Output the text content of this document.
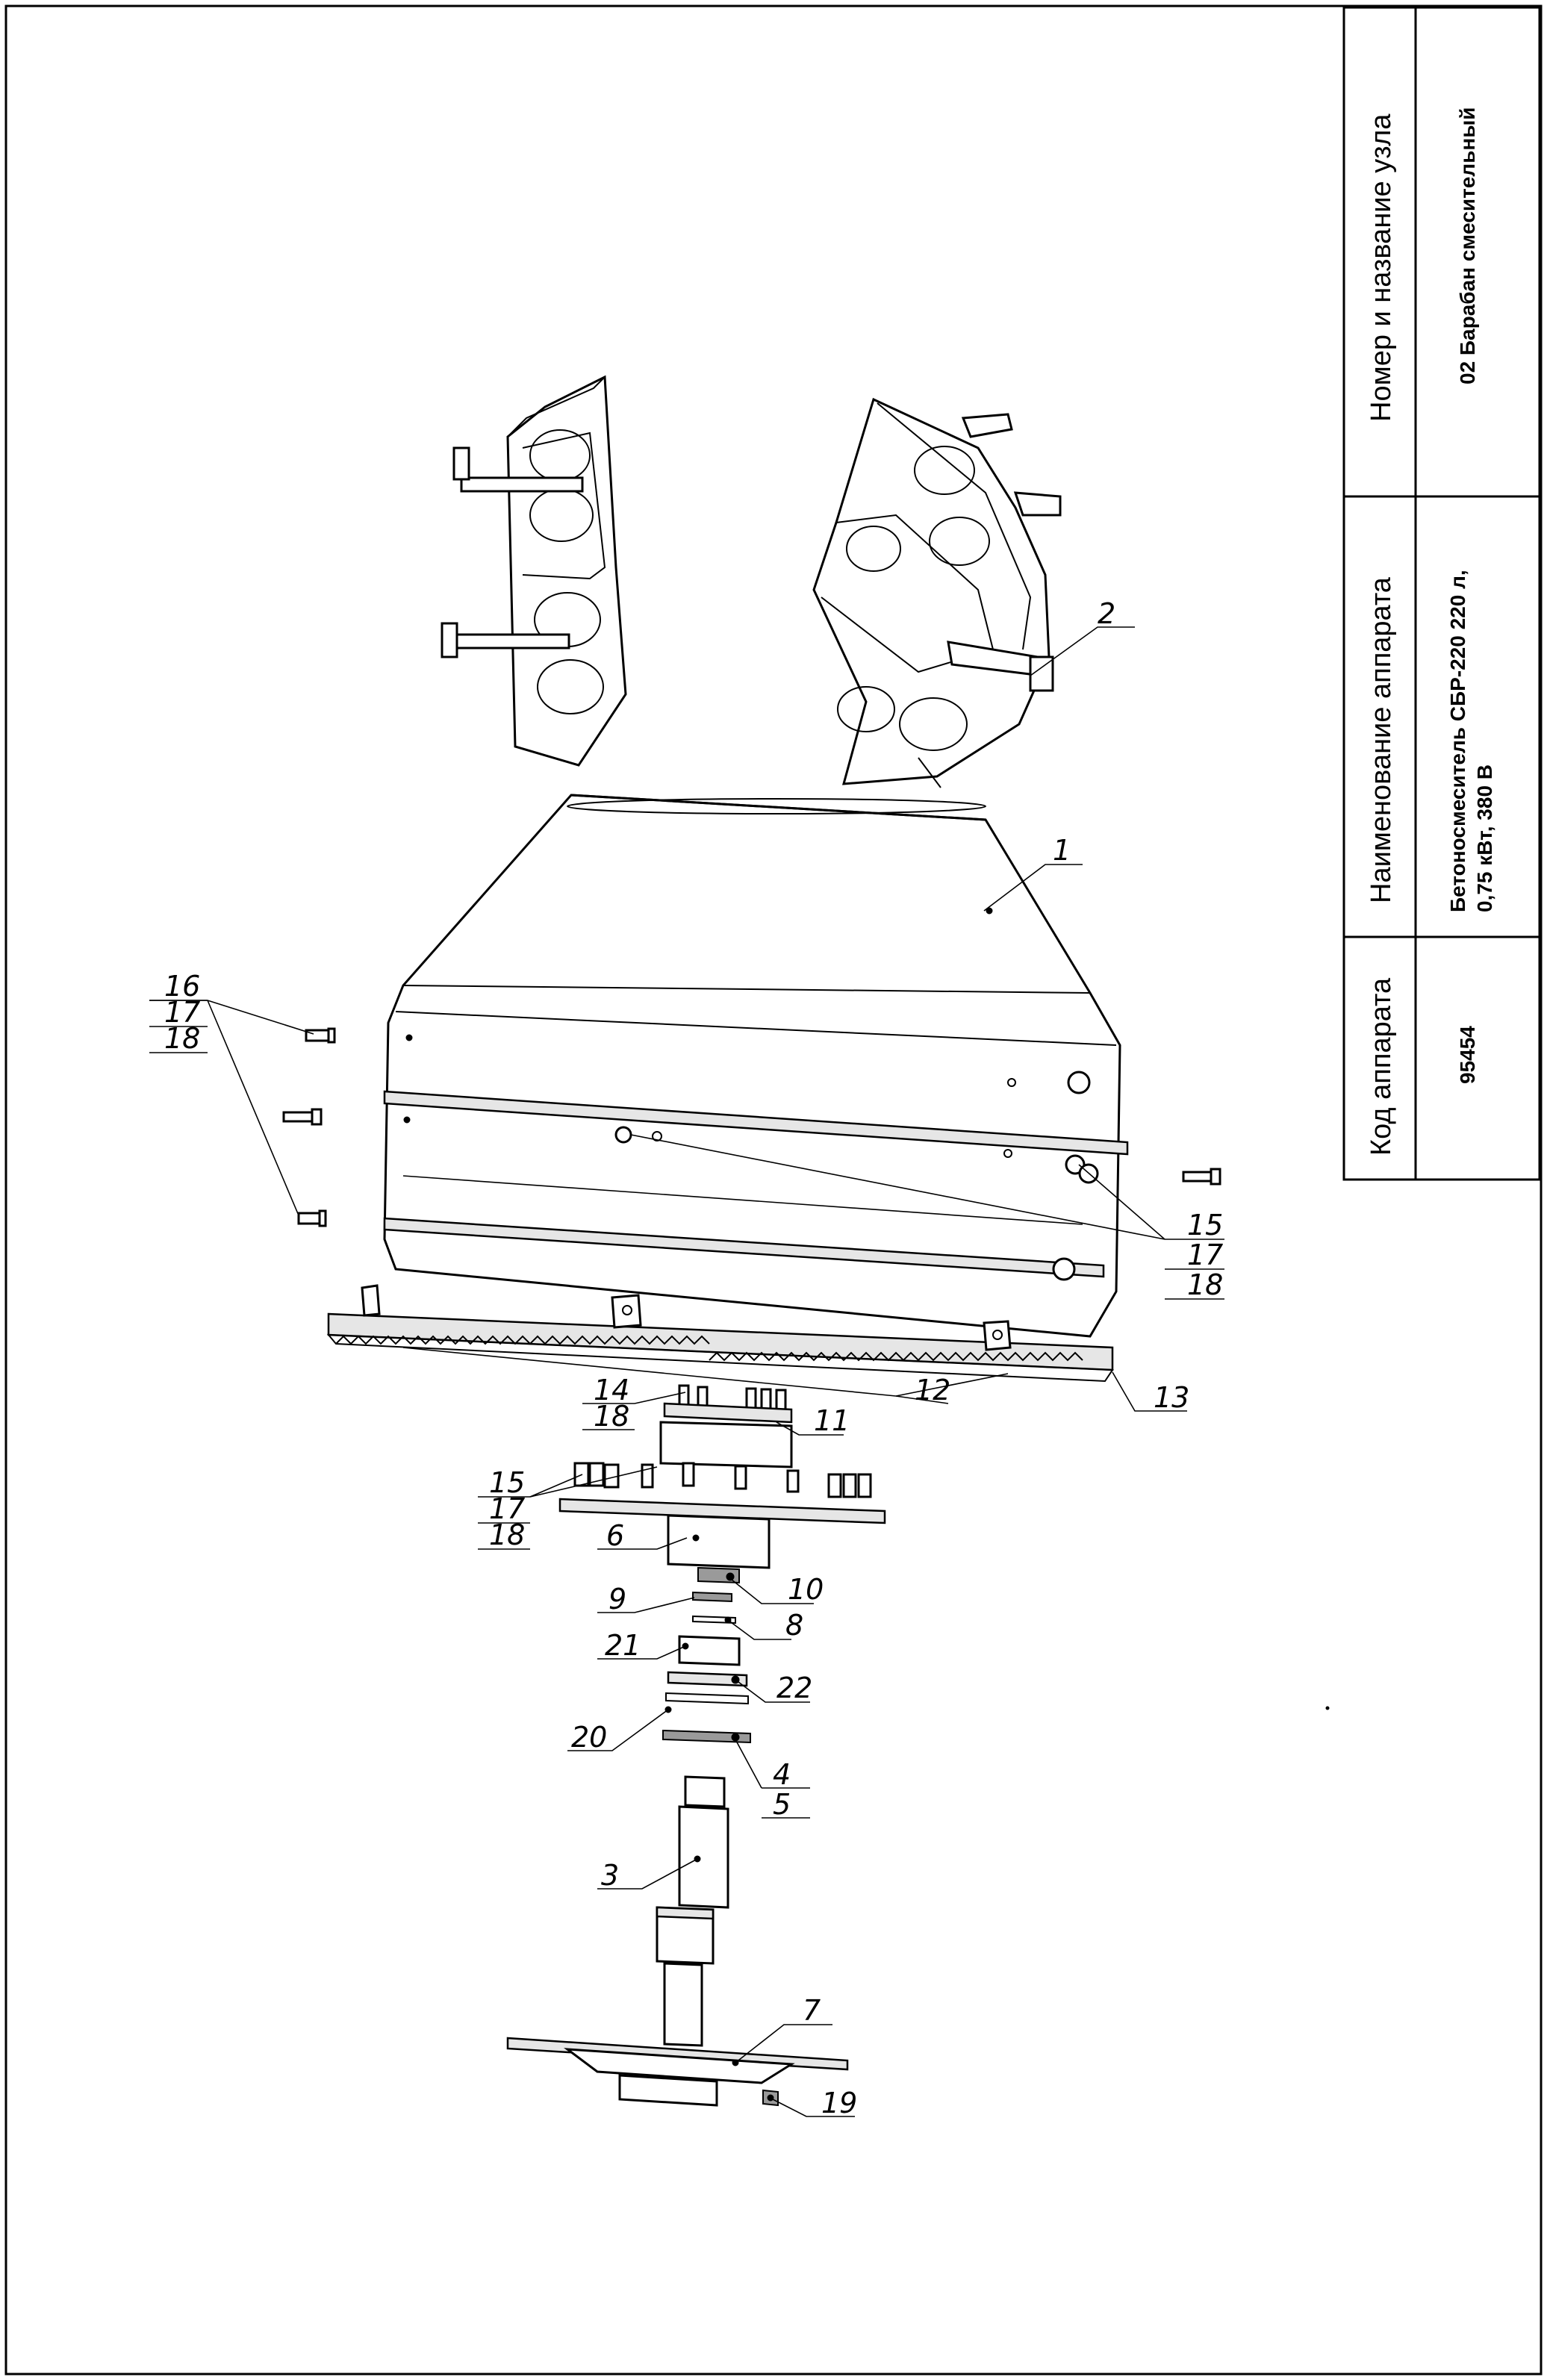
Код аппарата
Наименование аппарата
Номер и название узла
95454
Бетоносмеситель СБР-220 220 л, 0,75 кВт, 380 В
02 Барабан смесительный
1
2
3
4
5
6
7
8
9	10
11
12	13
14
15
17
18
16
17
18
18
15
17
18
19
20
21
22
